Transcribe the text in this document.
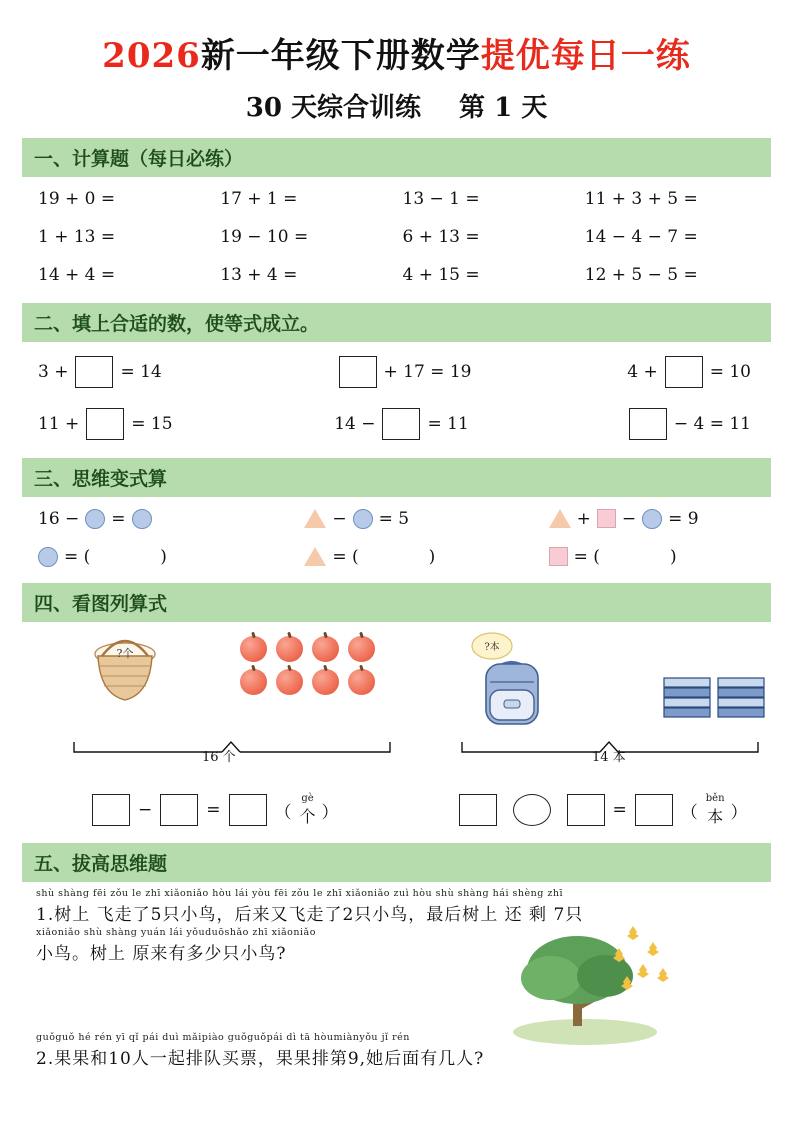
2026新一年级下册数学提优每日一练
30 天综合训练 第 1 天
一、计算题（每日必练）
19 + 0 =	17 + 1 =	13 − 1 =	11 + 3 + 5 =
1 + 13 =	19 − 10 =	6 + 13 =	14 − 4 − 7 =
14 + 4 =	13 + 4 =	4 + 15 =	12 + 5 − 5 =
二、填上合适的数，使等式成立。
3 +	= 14	+ 17 = 19	4 +	= 10
11 +	= 15	14 −	= 11	− 4 = 11
三、思维变式算
16 − =	− = 5	+ − = 9
= (	)	= (	)	= (	)
四、看图列算式
?个
16 个
?本
14 本
−	=	（
gè
个 ）	=	（
běn
本 ）
五、拔高思维题
shù shàng fēi zǒu le zhī xiǎoniǎo hòu lái yòu fēi zǒu le zhī xiǎoniǎo zuì hòu shù shàng hái shèng zhī
1.树上 飞走了5只小鸟，后来又飞走了2只小鸟，最后树上 还 剩 7只
xiǎoniǎo shù shàng yuán lái yǒuduōshǎo zhī xiǎoniǎo
小鸟。树上 原来有多少只小鸟?
guǒguǒ hé rén yī qǐ pái duì mǎipiào guǒguǒpái dì tā hòumiànyǒu jǐ rén
2.果果和10人一起排队买票，果果排第9,她后面有几人?
